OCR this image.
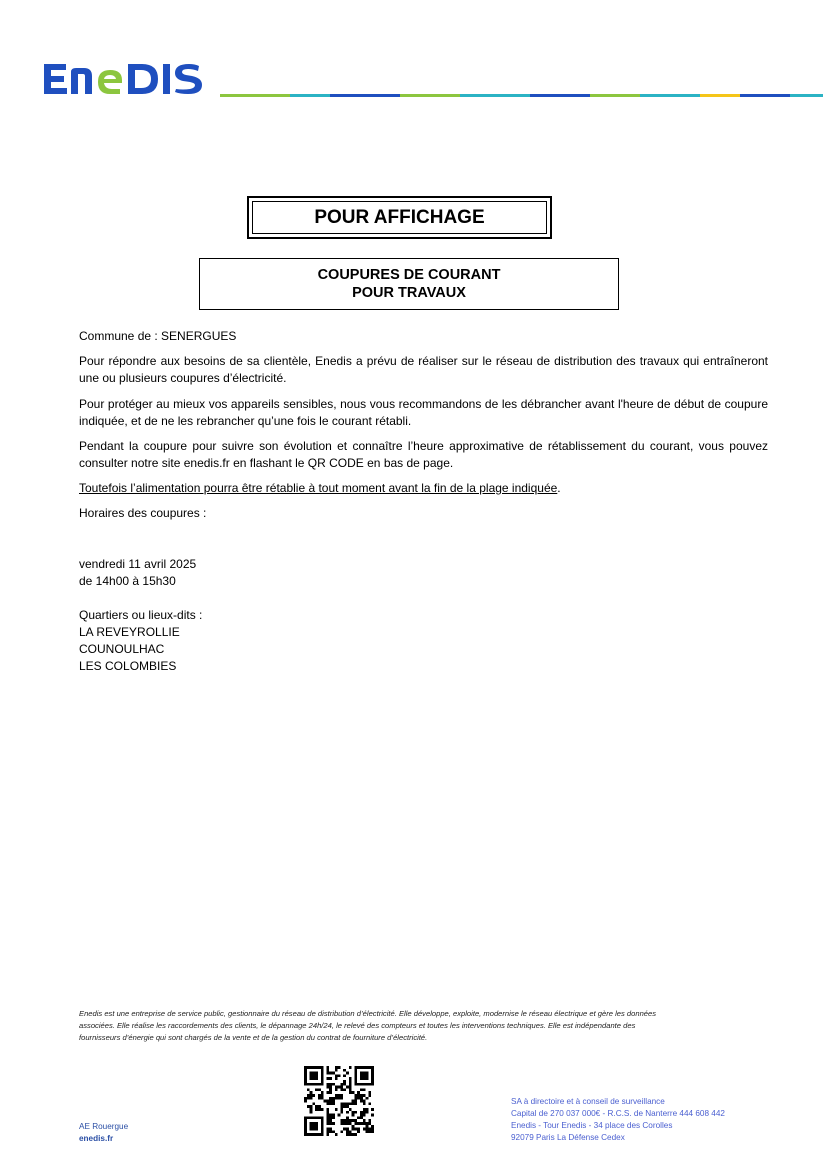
POUR AFFICHAGE
COUPURES DE COURANT
POUR TRAVAUX
Commune de : SENERGUES
Pour répondre aux besoins de sa clientèle, Enedis a prévu de réaliser sur le réseau de distribution des travaux qui entraîneront une ou plusieurs coupures d’électricité.
Pour protéger au mieux vos appareils sensibles, nous vous recommandons de les débrancher avant l'heure de début de coupure indiquée, et de ne les rebrancher qu’une fois le courant rétabli.
Pendant la coupure pour suivre son évolution et connaître l’heure approximative de rétablissement du courant, vous pouvez consulter notre site enedis.fr en flashant le QR CODE en bas de page.
Toutefois l’alimentation pourra être rétablie à tout moment avant la fin de la plage indiquée.
Horaires des coupures :
vendredi 11 avril 2025
de 14h00 à 15h30
Quartiers ou lieux-dits :
LA REVEYROLLIE
COUNOULHAC
LES COLOMBIES
Enedis est une entreprise de service public, gestionnaire du réseau de distribution d’électricité. Elle développe, exploite, modernise le réseau électrique et gère les données
associées. Elle réalise les raccordements des clients, le dépannage 24h/24, le relevé des compteurs et toutes les interventions techniques. Elle est indépendante des
fournisseurs d’énergie qui sont chargés de la vente et de la gestion du contrat de fourniture d’électricité.
AE Rouergue
enedis.fr
SA à directoire et à conseil de surveillance
Capital de 270 037 000€ - R.C.S. de Nanterre 444 608 442
Enedis - Tour Enedis - 34 place des Corolles
92079 Paris La Défense Cedex
